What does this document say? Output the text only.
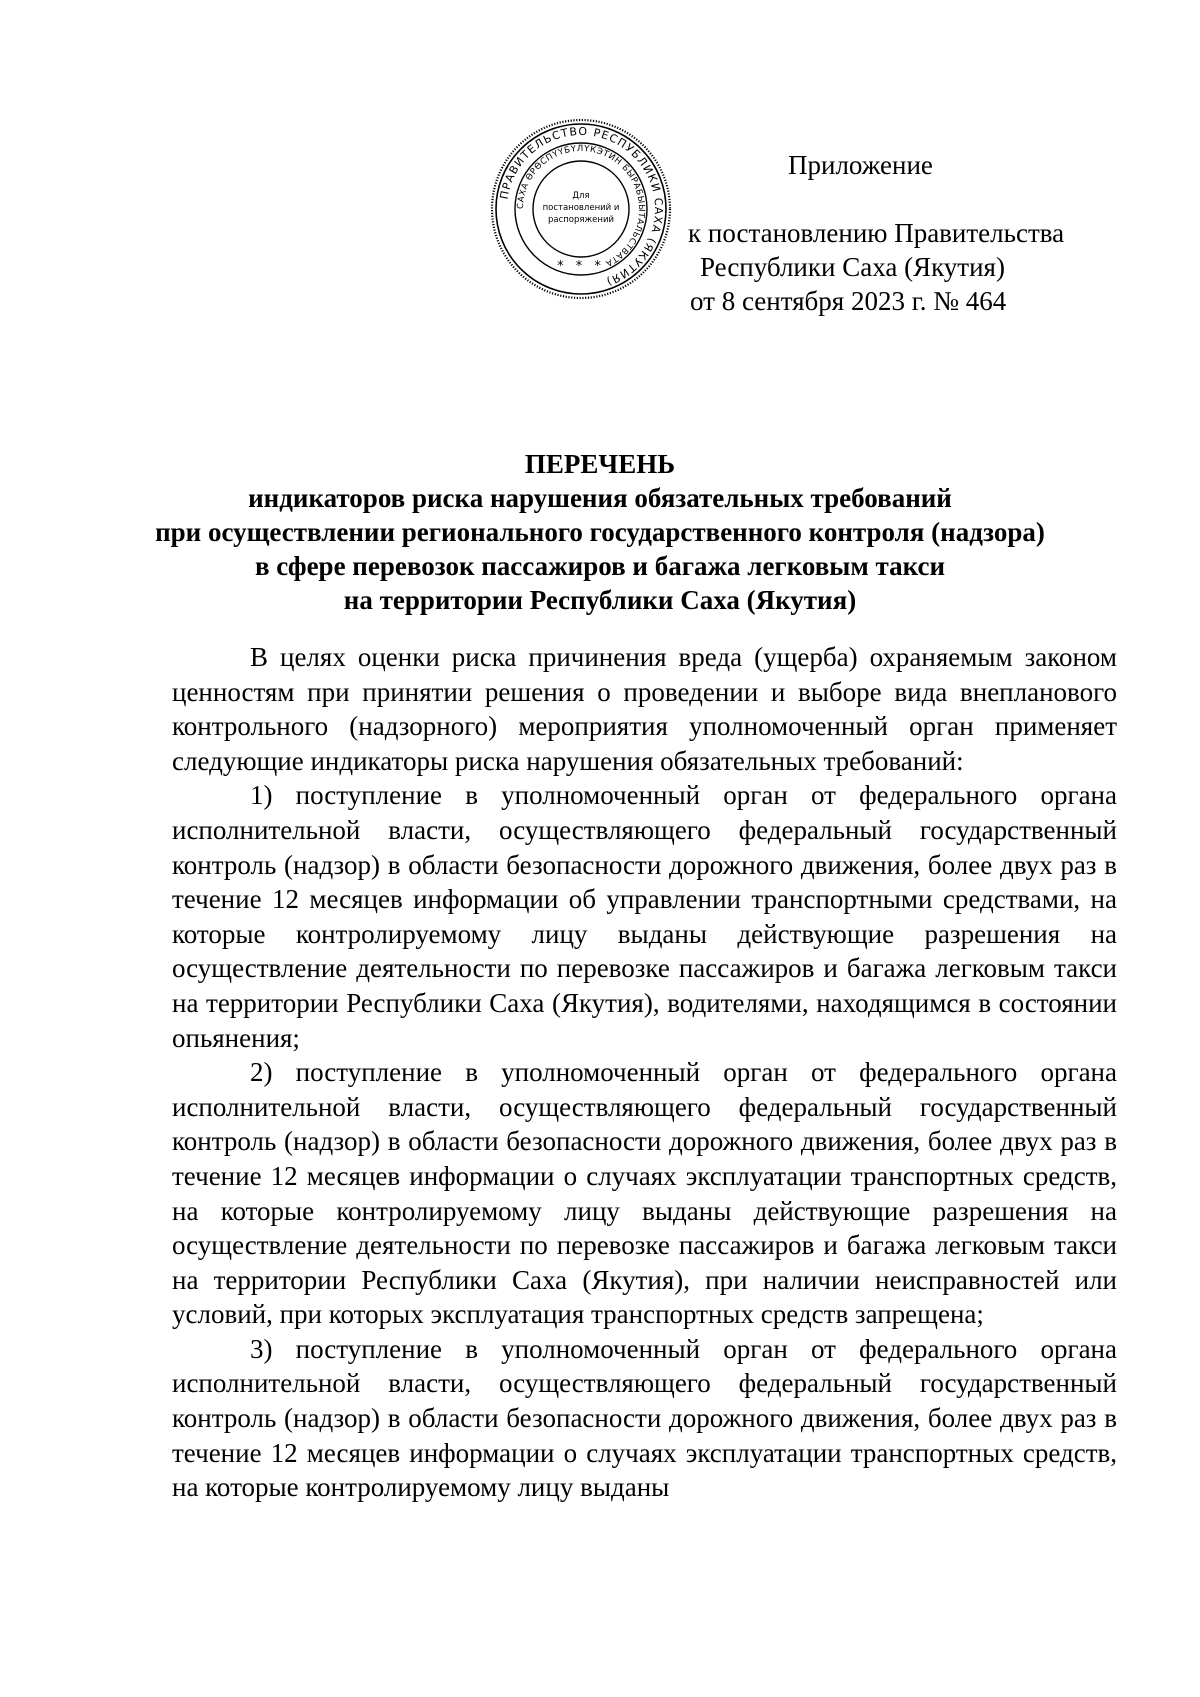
ПРАВИТЕЛЬСТВО РЕСПУБЛИКИ САХА (ЯКУТИЯ)
САХА ӨРӨСПҮҮБҮЛҮКЭТИН БЫРАБЫЫТАЛЬСТВАТА
Для
постановлений и
распоряжений
* * *
Приложение
к постановлению Правительства
Республики Саха (Якутия)
от 8 сентября 2023 г. № 464
ПЕРЕЧЕНЬ
индикаторов риска нарушения обязательных требований
при осуществлении регионального государственного контроля (надзора)
в сфере перевозок пассажиров и багажа легковым такси
на территории Республики Саха (Якутия)

В целях оценки риска причинения вреда (ущерба) охраняемым законом ценностям при принятии решения о проведении и выборе вида внепланового контрольного (надзорного) мероприятия уполномоченный орган применяет следующие индикаторы риска нарушения обязательных требований:

1) поступление в уполномоченный орган от федерального органа исполнительной власти, осуществляющего федеральный государственный контроль (надзор) в области безопасности дорожного движения, более двух раз в течение 12 месяцев информации об управлении транспортными средствами, на которые контролируемому лицу выданы действующие разрешения на осуществление деятельности по перевозке пассажиров и багажа легковым такси на территории Республики Саха (Якутия), водителями, находящимся в состоянии опьянения;

2) поступление в уполномоченный орган от федерального органа исполнительной власти, осуществляющего федеральный государственный контроль (надзор) в области безопасности дорожного движения, более двух раз в течение 12 месяцев информации о случаях эксплуатации транспортных средств, на которые контролируемому лицу выданы действующие разрешения на осуществление деятельности по перевозке пассажиров и багажа легковым такси на территории Республики Саха (Якутия), при наличии неисправностей или условий, при которых эксплуатация транспортных средств запрещена;

3) поступление в уполномоченный орган от федерального органа исполнительной власти, осуществляющего федеральный государственный контроль (надзор) в области безопасности дорожного движения, более двух раз в течение 12 месяцев информации о случаях эксплуатации транспортных средств, на которые контролируемому лицу выданы
